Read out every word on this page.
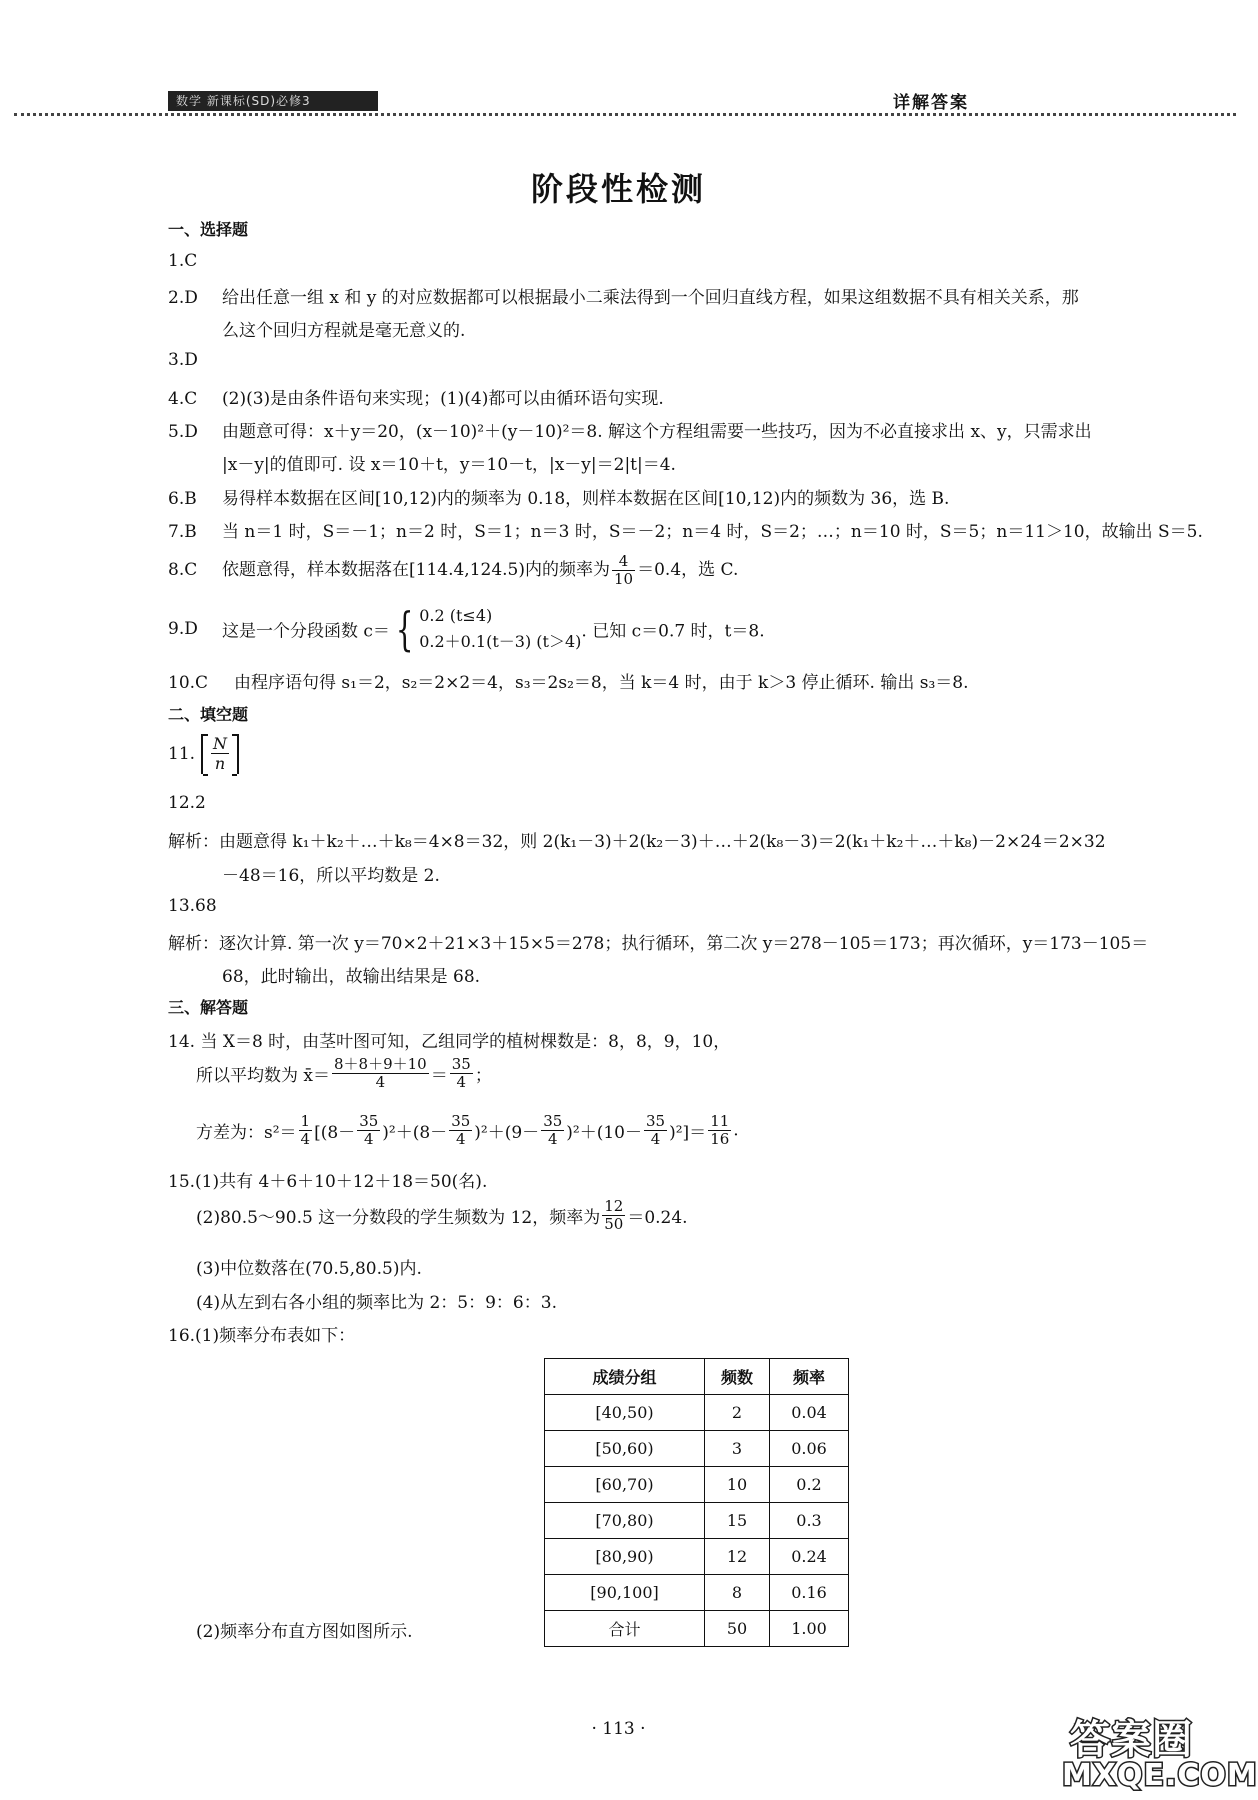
数学 新课标(SD)必修3	详解答案
阶段性检测
一、选择题
1.C
2.D 给出任意一组 x 和 y 的对应数据都可以根据最小二乘法得到一个回归直线方程，如果这组数据不具有相关关系，那
么这个回归方程就是毫无意义的.
3.D
4.C (2)(3)是由条件语句来实现；(1)(4)都可以由循环语句实现.
5.D 由题意可得：x＋y＝20，(x－10)²＋(y－10)²＝8. 解这个方程组需要一些技巧，因为不必直接求出 x、y，只需求出
|x－y|的值即可. 设 x＝10＋t，y＝10－t，|x－y|＝2|t|＝4.
6.B 易得样本数据在区间[10,12)内的频率为 0.18，则样本数据在区间[10,12)内的频数为 36，选 B.
7.B 当 n＝1 时，S＝－1；n＝2 时，S＝1；n＝3 时，S＝－2；n＝4 时，S＝2；…；n＝10 时，S＝5；n＝11＞10，故输出 S＝5.
8.C 依题意得，样本数据落在[114.4,124.5)内的频率为 $\frac{4}{10} =0.4$，选 C.
9.D 这是一个分段函数 c＝ { 0.2 (t≤4)
0.2＋0.1(t－3) (t＞4) . 已知 c＝0.7 时，t＝8.
10.C 由程序语句得 s₁＝2，s₂＝2×2＝4，s₃＝2s₂＝8，当 k＝4 时，由于 k＞3 停止循环. 输出 s₃＝8.
二、填空题
11. $\frac{N}{n}$
12.2
解析：由题意得 k₁＋k₂＋…＋k₈＝4×8＝32，则 2(k₁－3)＋2(k₂－3)＋…＋2(k₈－3)＝2(k₁＋k₂＋…＋k₈)－2×24＝2×32
－48＝16，所以平均数是 2.
13.68
解析：逐次计算. 第一次 y＝70×2＋21×3＋15×5＝278；执行循环，第二次 y＝278－105＝173；再次循环，y＝173－105＝
68，此时输出，故输出结果是 68.
三、解答题
14. 当 X＝8 时，由茎叶图可知，乙组同学的植树棵数是：8，8，9，10，
所以平均数为 x̄＝ $\frac{8+8+9+10}{4} = \frac{35}{4}$ ；
方差为：$s^2= \frac{1}{4} [(8- \frac{35}{4} )^2+(8- \frac{35}{4} )^2+(9- \frac{35}{4} )^2+(10- \frac{35}{4} )^2]= \frac{11}{16}$ .
15.(1)共有 4＋6＋10＋12＋18＝50(名).
(2)80.5～90.5 这一分数段的学生频数为 12，频率为 $\frac{12}{50} =0.24$.
(3)中位数落在(70.5,80.5)内.
(4)从左到右各小组的频率比为 2：5：9：6：3.
16.(1)频率分布表如下：
成绩分组	频数	频率
[40,50)	2	0.04
[50,60)	3	0.06
[60,70)	10	0.2
[70,80)	15	0.3
[80,90)	12	0.24
[90,100]	8	0.16
合计	50	1.00
(2)频率分布直方图如图所示.
· 113 ·	答案圈
MXQE.COM
